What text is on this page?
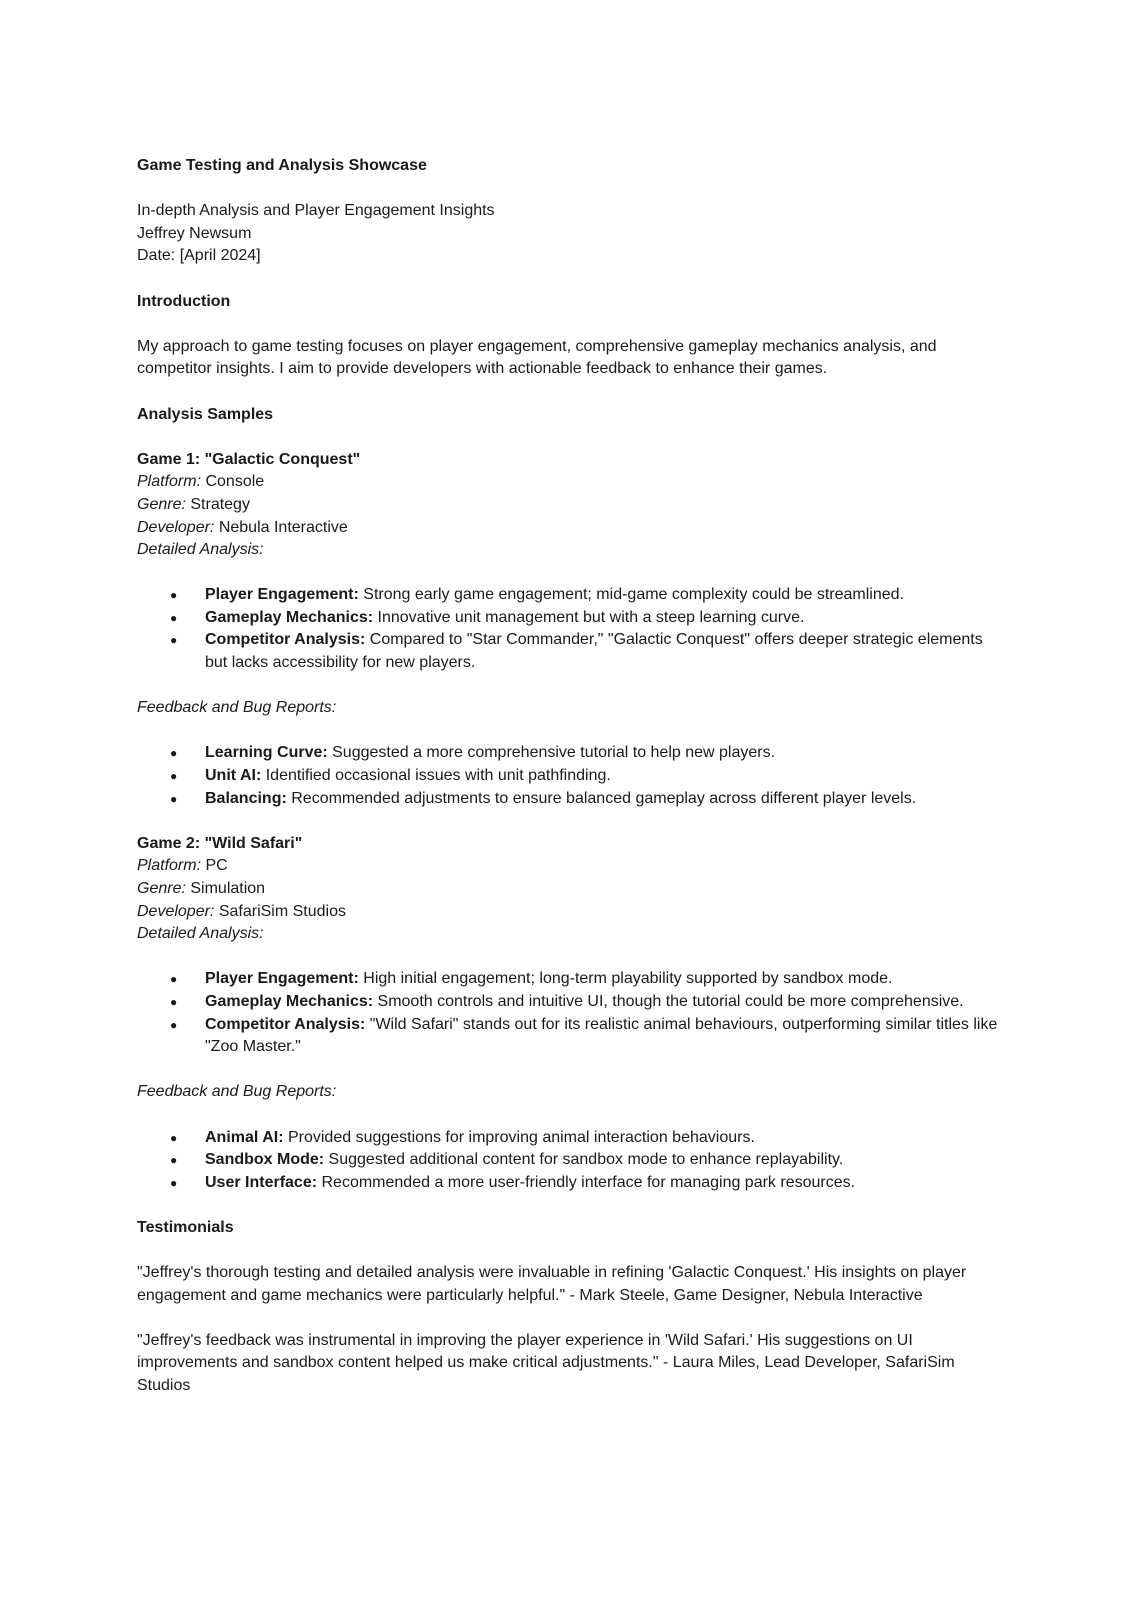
Game Testing and Analysis Showcase

In-depth Analysis and Player Engagement Insights

Jeffrey Newsum

Date: [April 2024]

Introduction

My approach to game testing focuses on player engagement, comprehensive gameplay mechanics analysis, and competitor insights. I aim to provide developers with actionable feedback to enhance their games.

Analysis Samples

Game 1: "Galactic Conquest"

Platform: Console

Genre: Strategy

Developer: Nebula Interactive

Detailed Analysis:

● Player Engagement: Strong early game engagement; mid-game complexity could be streamlined.
● Gameplay Mechanics: Innovative unit management but with a steep learning curve.
● Competitor Analysis: Compared to "Star Commander," "Galactic Conquest" offers deeper strategic elements but lacks accessibility for new players.

Feedback and Bug Reports:

● Learning Curve: Suggested a more comprehensive tutorial to help new players.
● Unit AI: Identified occasional issues with unit pathfinding.
● Balancing: Recommended adjustments to ensure balanced gameplay across different player levels.

Game 2: "Wild Safari"

Platform: PC

Genre: Simulation

Developer: SafariSim Studios

Detailed Analysis:

● Player Engagement: High initial engagement; long-term playability supported by sandbox mode.
● Gameplay Mechanics: Smooth controls and intuitive UI, though the tutorial could be more comprehensive.
● Competitor Analysis: "Wild Safari" stands out for its realistic animal behaviours, outperforming similar titles like "Zoo Master."

Feedback and Bug Reports:

● Animal AI: Provided suggestions for improving animal interaction behaviours.
● Sandbox Mode: Suggested additional content for sandbox mode to enhance replayability.
● User Interface: Recommended a more user-friendly interface for managing park resources.

Testimonials

"Jeffrey's thorough testing and detailed analysis were invaluable in refining 'Galactic Conquest.' His insights on player engagement and game mechanics were particularly helpful." - Mark Steele, Game Designer, Nebula Interactive

"Jeffrey's feedback was instrumental in improving the player experience in 'Wild Safari.' His suggestions on UI improvements and sandbox content helped us make critical adjustments." - Laura Miles, Lead Developer, SafariSim Studios
